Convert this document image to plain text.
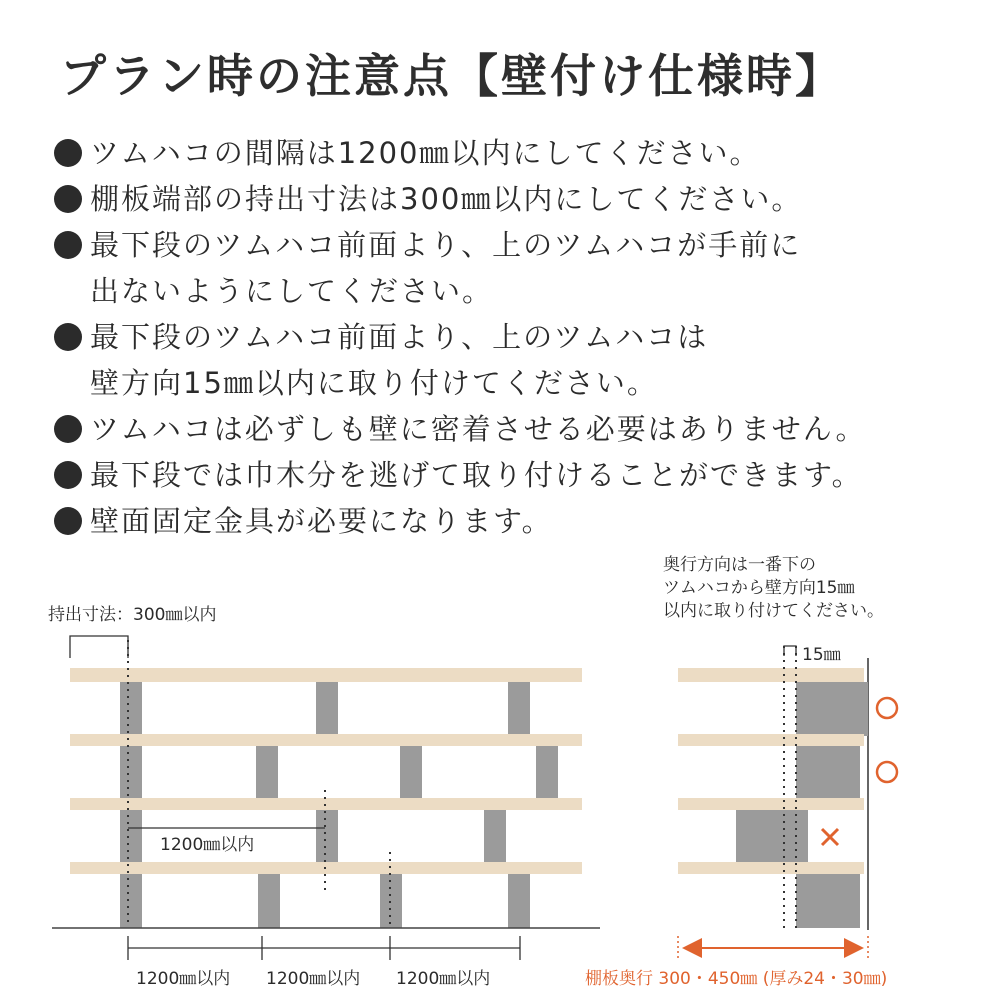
プラン時の注意点【壁付け仕様時】
ツムハコの間隔は1200㎜以内にしてください。
棚板端部の持出寸法は300㎜以内にしてください。
最下段のツムハコ前面より、上のツムハコが手前に
出ないようにしてください。
最下段のツムハコ前面より、上のツムハコは
壁方向15㎜以内に取り付けてください。
ツムハコは必ずしも壁に密着させる必要はありません。
最下段では巾木分を逃げて取り付けることができます。
壁面固定金具が必要になります。
持出寸法：300㎜以内
1200㎜以内
1200㎜以内 1200㎜以内 1200㎜以内
奥行方向は一番下の
ツムハコから壁方向15㎜
以内に取り付けてください。
15㎜
棚板奥行 300・450㎜ (厚み24・30㎜)
